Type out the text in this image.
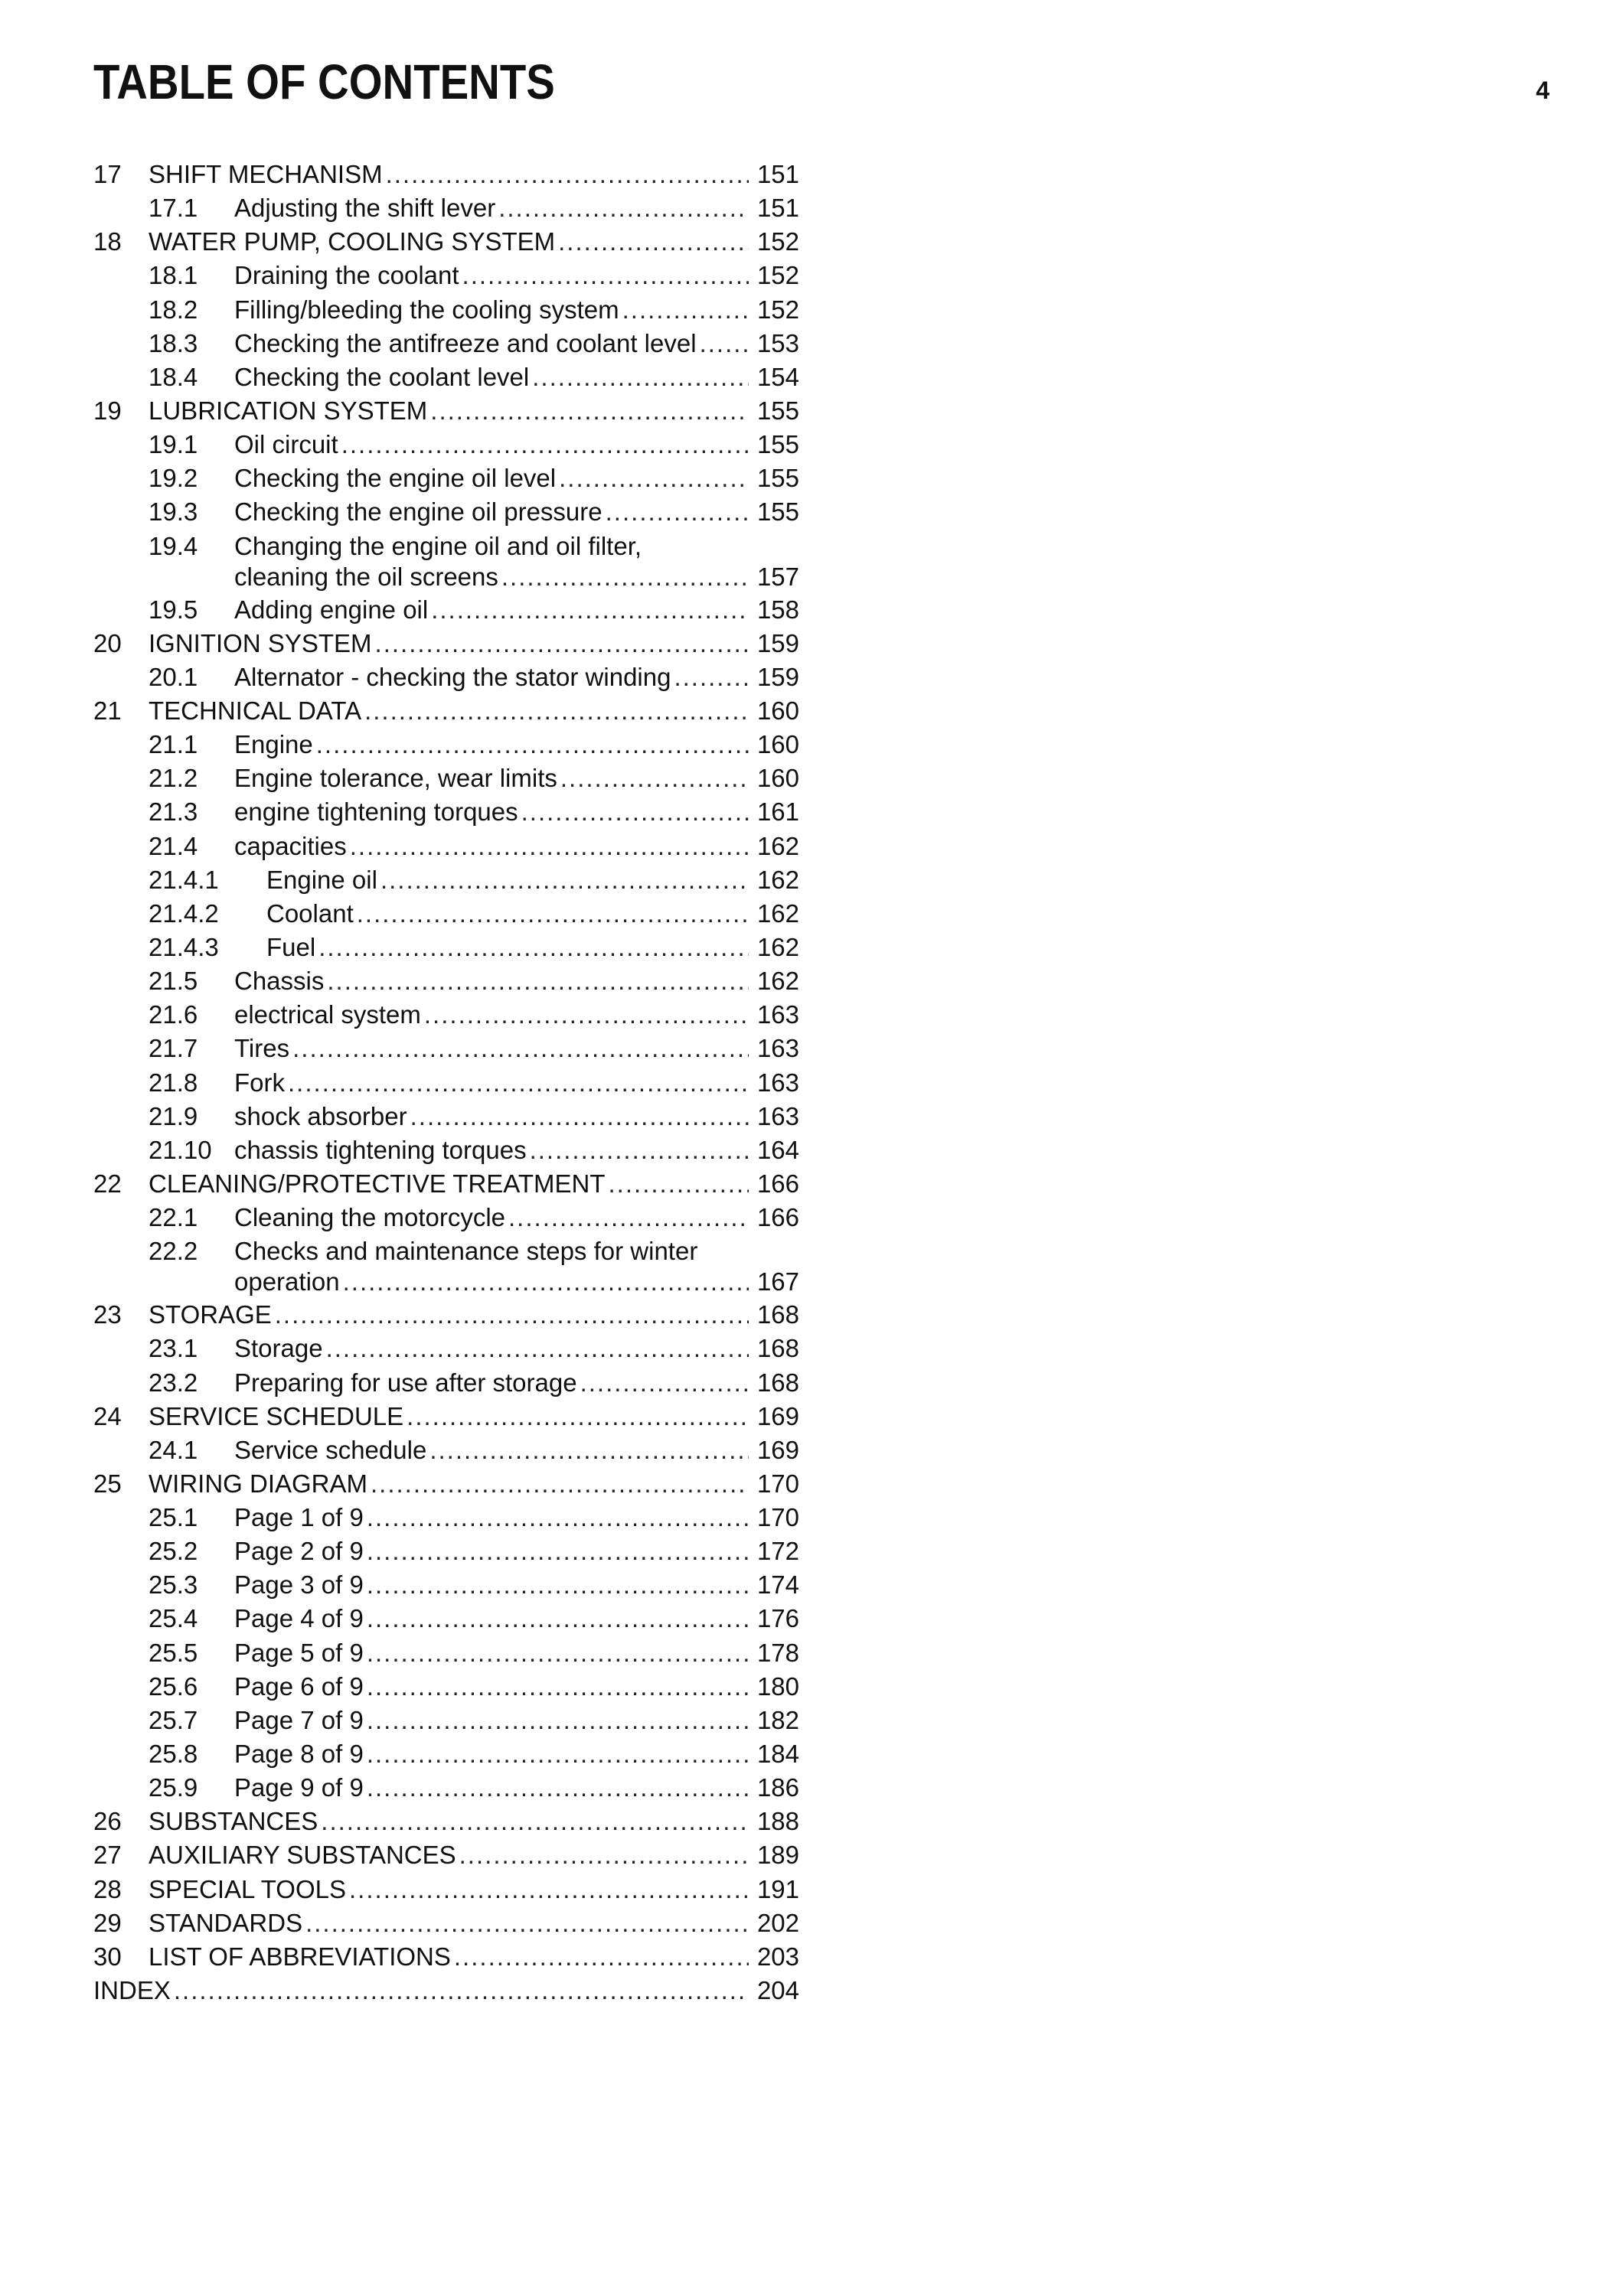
TABLE OF CONTENTS	4
17 SHIFT MECHANISM .....	151
17.1 Adjusting the shift lever .....	151
18 WATER PUMP, COOLING SYSTEM .....	152
18.1 Draining the coolant .....	152
18.2 Filling/bleeding the cooling system .....	152
18.3 Checking the antifreeze and coolant level ..... 153
18.4 Checking the coolant level .....	154
19 LUBRICATION SYSTEM .....	155
19.1 Oil circuit .....	155
19.2 Checking the engine oil level .....	155
19.3 Checking the engine oil pressure .....	155
19.4 Changing the engine oil and oil filter,
cleaning the oil screens .....	157
19.5 Adding engine oil .....	158
20 IGNITION SYSTEM .....	159
20.1 Alternator - checking the stator winding .....	159
21 TECHNICAL DATA .....	160
21.1 Engine .....	160
21.2 Engine tolerance, wear limits .....	160
21.3 engine tightening torques .....	161
21.4 capacities .....	162
21.4.1 Engine oil .....	162
21.4.2 Coolant .....	162
21.4.3 Fuel .....	162
21.5 Chassis .....	162
21.6 electrical system .....	163
21.7 Tires .....	163
21.8 Fork .....	163
21.9 shock absorber .....	163
21.10 chassis tightening torques .....	164
22 CLEANING/PROTECTIVE TREATMENT .....	166
22.1 Cleaning the motorcycle .....	166
22.2 Checks and maintenance steps for winter
operation .....	167
23 STORAGE .....	168
23.1 Storage .....	168
23.2 Preparing for use after storage .....	168
24 SERVICE SCHEDULE .....	169
24.1 Service schedule .....	169
25 WIRING DIAGRAM .....	170
25.1 Page 1 of 9 .....	170
25.2 Page 2 of 9 .....	172
25.3 Page 3 of 9 .....	174
25.4 Page 4 of 9 .....	176
25.5 Page 5 of 9 .....	178
25.6 Page 6 of 9 .....	180
25.7 Page 7 of 9 .....	182
25.8 Page 8 of 9 .....	184
25.9 Page 9 of 9 .....	186
26 SUBSTANCES .....	188
27 AUXILIARY SUBSTANCES .....	189
28 SPECIAL TOOLS .....	191
29 STANDARDS .....	202
30 LIST OF ABBREVIATIONS .....	203
INDEX .....	204
